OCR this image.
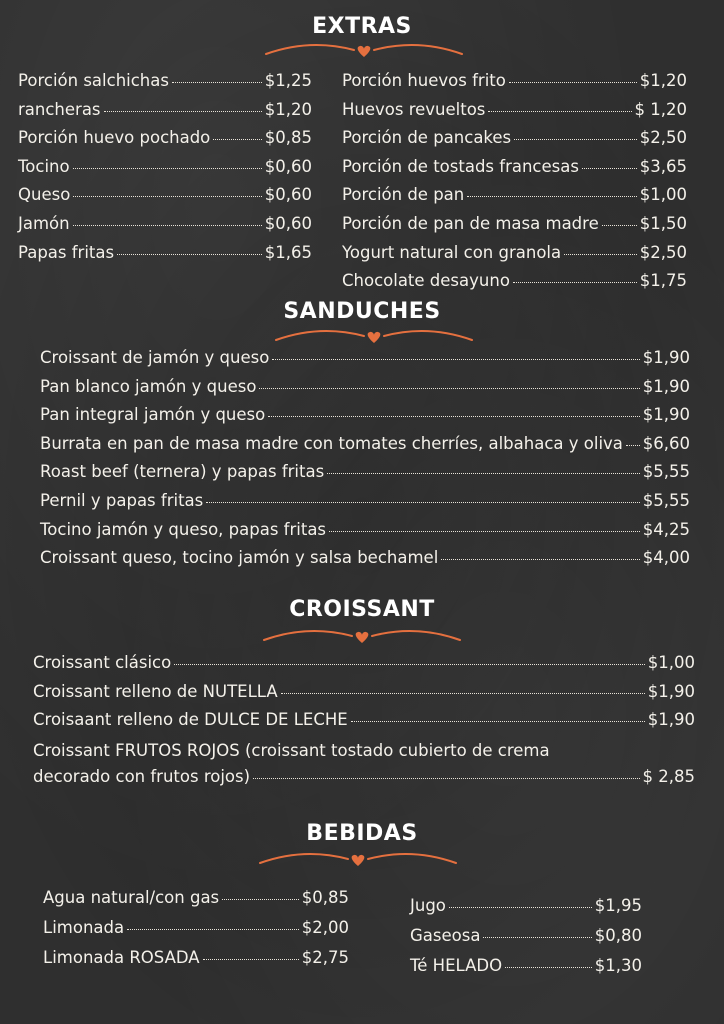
EXTRAS
Porción salchichas	$1,25
rancheras	$1,20
Porción huevo pochado	$0,85
Tocino	$0,60
Queso	$0,60
Jamón	$0,60
Papas fritas	$1,65
Porción huevos frito	$1,20
Huevos revueltos	$ 1,20
Porción de pancakes	$2,50
Porción de tostads francesas	$3,65
Porción de pan	$1,00
Porción de pan de masa madre $1,50
Yogurt natural con granola	$2,50
Chocolate desayuno	$1,75
SANDUCHES
Croissant de jamón y queso	$1,90
Pan blanco jamón y queso	$1,90
Pan integral jamón y queso	$1,90
Burrata en pan de masa madre con tomates cherríes, albahaca y oliva $6,60
Roast beef (ternera) y papas fritas	$5,55
Pernil y papas fritas	$5,55
Tocino jamón y queso, papas fritas	$4,25
Croissant queso, tocino jamón y salsa bechamel	$4,00
CROISSANT
Croissant clásico	$1,00
Croissant relleno de NUTELLA	$1,90
Croisaant relleno de DULCE DE LECHE	$1,90
Croissant FRUTOS ROJOS (croissant tostado cubierto de crema
decorado con frutos rojos)	$ 2,85
BEBIDAS
Agua natural/con gas	$0,85
Limonada	$2,00
Limonada ROSADA	$2,75
Jugo	$1,95
Gaseosa	$0,80
Té HELADO	$1,30
